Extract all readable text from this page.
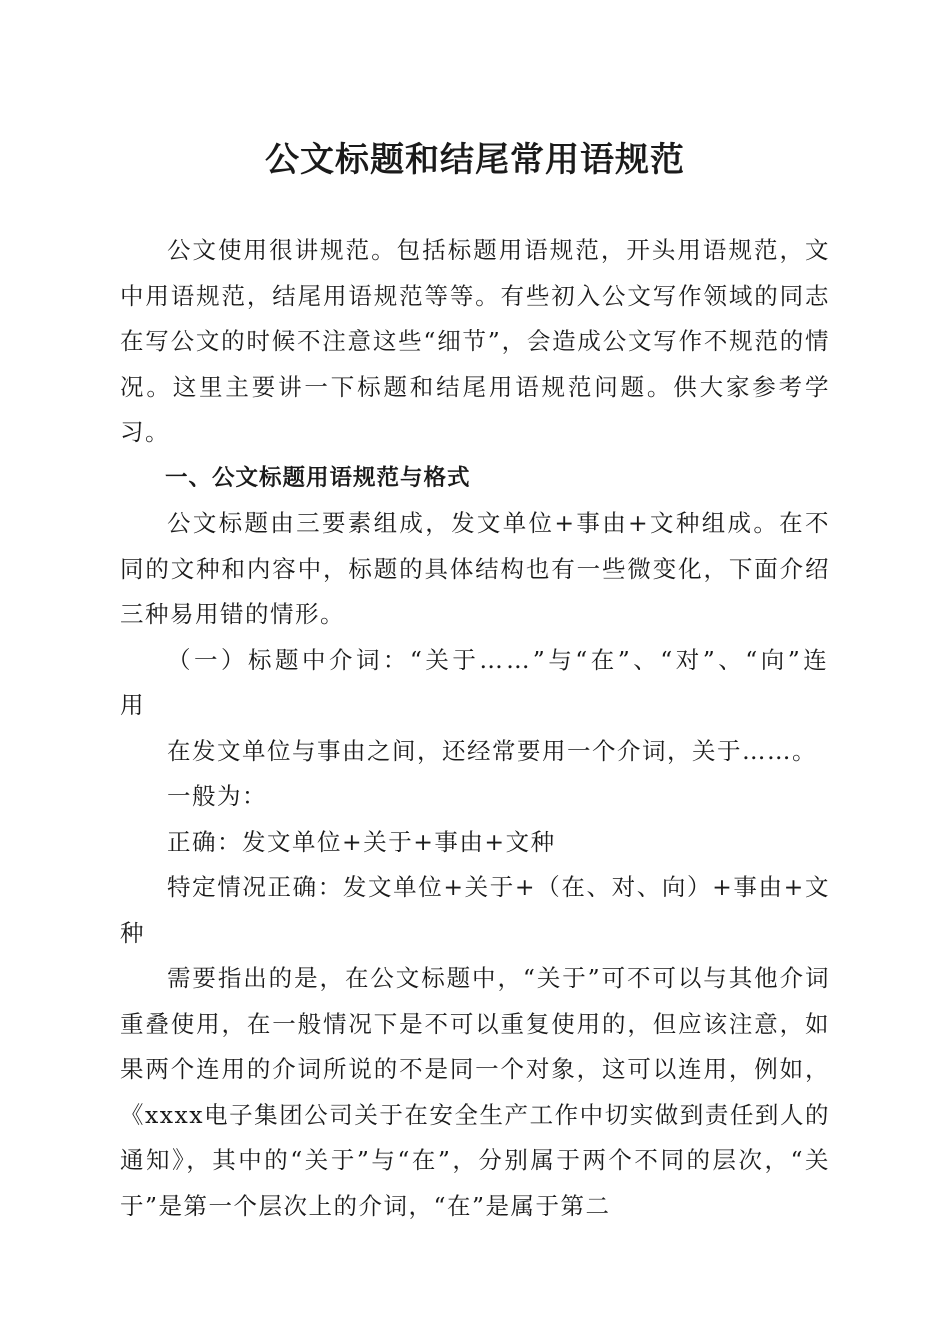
公文标题和结尾常用语规范

公文使用很讲规范。包括标题用语规范，开头用语规范，文中用语规范，结尾用语规范等等。有些初入公文写作领域的同志在写公文的时候不注意这些“细节”，会造成公文写作不规范的情况。这里主要讲一下标题和结尾用语规范问题。供大家参考学习。

一、公文标题用语规范与格式

公文标题由三要素组成，发文单位+事由+文种组成。在不同的文种和内容中，标题的具体结构也有一些微变化，下面介绍三种易用错的情形。

（一）标题中介词：“关于……”与“在”、“对”、“向”连用

在发文单位与事由之间，还经常要用一个介词，关于……。

一般为：

正确：发文单位+关于+事由+文种

特定情况正确：发文单位+关于+（在、对、向）+事由+文种

需要指出的是，在公文标题中，“关于”可不可以与其他介词重叠使用，在一般情况下是不可以重复使用的，但应该注意，如果两个连用的介词所说的不是同一个对象，这可以连用，例如，《xxxx电子集团公司关于在安全生产工作中切实做到责任到人的通知》，其中的“关于”与“在”，分别属于两个不同的层次，“关于”是第一个层次上的介词，“在”是属于第二
